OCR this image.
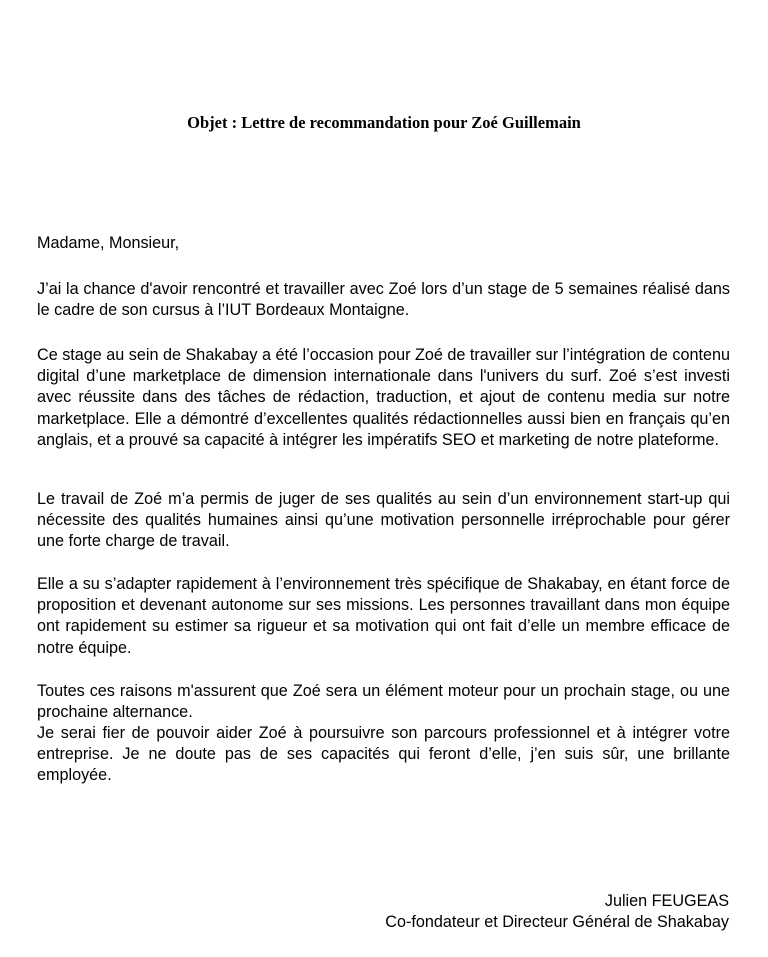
Objet : Lettre de recommandation pour Zoé Guillemain
Madame, Monsieur,

J’ai la chance d'avoir rencontré et travailler avec Zoé lors d’un stage de 5 semaines réalisé dans le cadre de son cursus à l’IUT Bordeaux Montaigne.

Ce stage au sein de Shakabay a été l’occasion pour Zoé de travailler sur l’intégration de contenu digital d’une marketplace de dimension internationale dans l'univers du surf. Zoé s’est investi avec réussite dans des tâches de rédaction, traduction, et ajout de contenu media sur notre marketplace. Elle a démontré d’excellentes qualités rédactionnelles aussi bien en français qu’en anglais, et a prouvé sa capacité à intégrer les impératifs SEO et marketing de notre plateforme.

Le travail de Zoé m’a permis de juger de ses qualités au sein d’un environnement start-up qui nécessite des qualités humaines ainsi qu’une motivation personnelle irréprochable pour gérer une forte charge de travail.

Elle a su s’adapter rapidement à l’environnement très spécifique de Shakabay, en étant force de proposition et devenant autonome sur ses missions. Les personnes travaillant dans mon équipe ont rapidement su estimer sa rigueur et sa motivation qui ont fait d’elle un membre efficace de notre équipe.

Toutes ces raisons m'assurent que Zoé sera un élément moteur pour un prochain stage, ou une prochaine alternance.

Je serai fier de pouvoir aider Zoé à poursuivre son parcours professionnel et à intégrer votre entreprise. Je ne doute pas de ses capacités qui feront d’elle, j’en suis sûr, une brillante employée.

Julien FEUGEAS
Co-fondateur et Directeur Général de Shakabay
